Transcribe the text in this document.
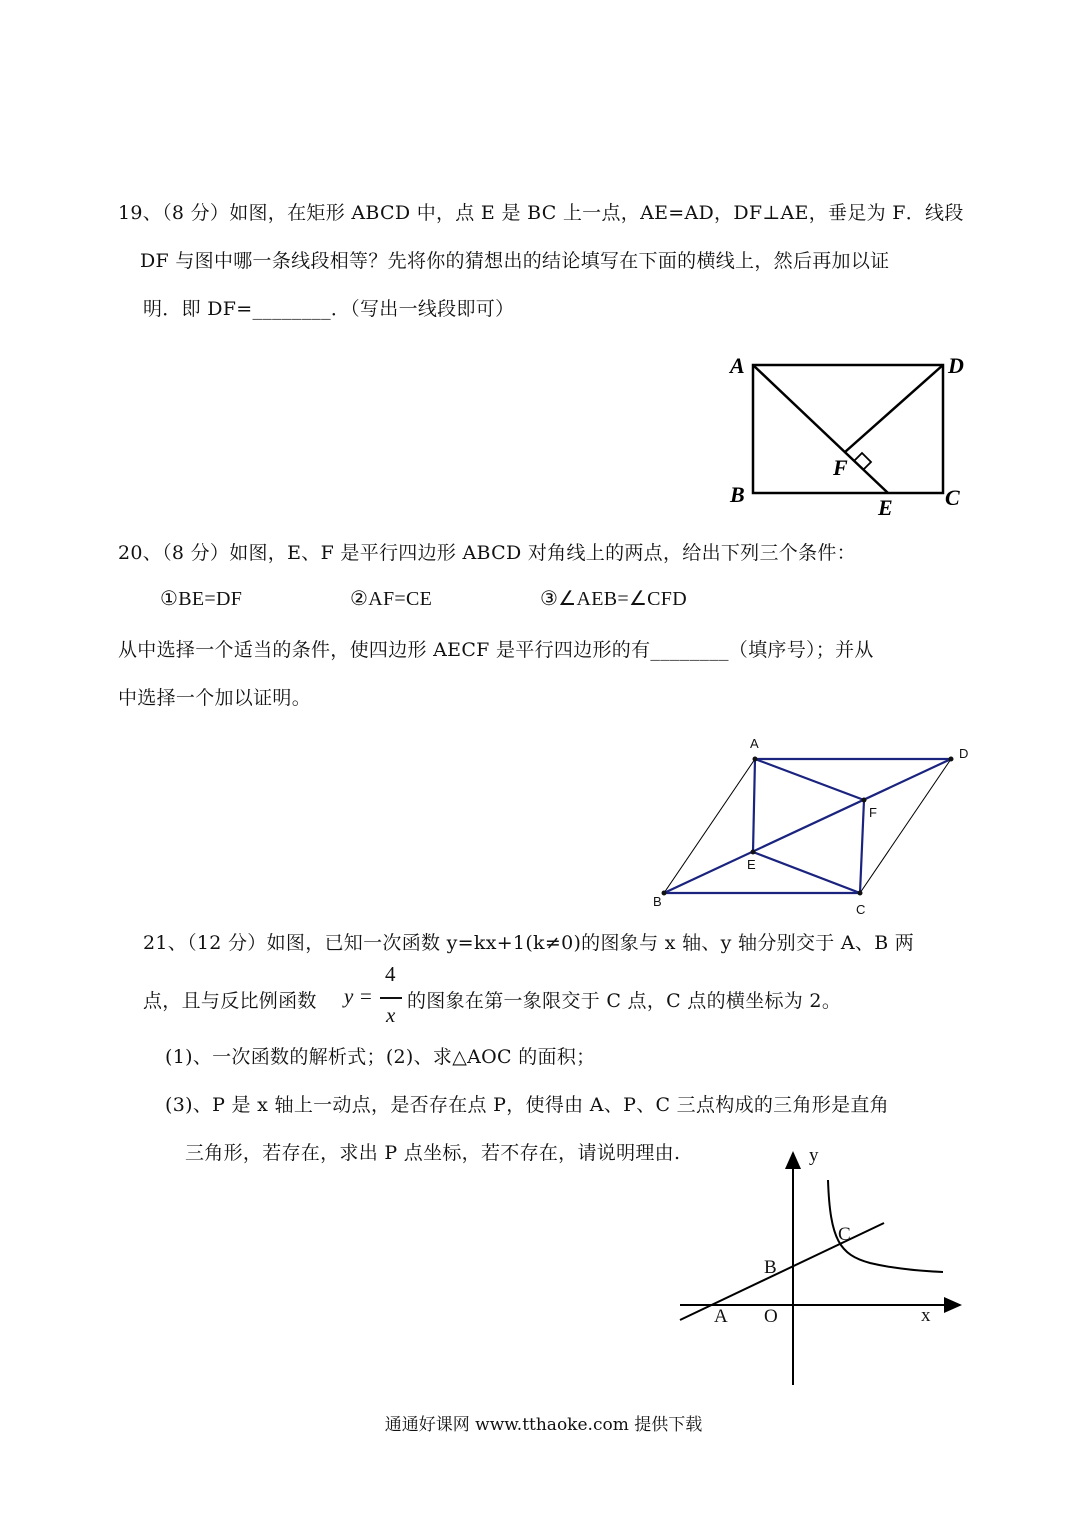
19、（8 分）如图，在矩形 ABCD 中，点 E 是 BC 上一点，AE=AD，DF⊥AE，垂足为 F．线段
DF 与图中哪一条线段相等？先将你的猜想出的结论填写在下面的横线上，然后再加以证
明．即 DF=________．（写出一线段即可）
A	D
B	C
F
E
20、（8 分）如图，E、F 是平行四边形 ABCD 对角线上的两点，给出下列三个条件：
①BE=DF	②AF=CE	③∠AEB=∠CFD
从中选择一个适当的条件，使四边形 AECF 是平行四边形的有________（填序号）；并从
中选择一个加以证明。
A
D
F
E
B
C
21、（12 分）如图，已知一次函数 y=kx+1(k≠0)的图象与 x 轴、y 轴分别交于 A、B 两
点，且与反比例函数 y =
4
x
的图象在第一象限交于 C 点，C 点的横坐标为 2。
(1)、一次函数的解析式；(2)、求△AOC 的面积；
(3)、P 是 x 轴上一动点，是否存在点 P，使得由 A、P、C 三点构成的三角形是直角
三角形，若存在，求出 P 点坐标，若不存在，请说明理由.	y
x
O
A
B
C
通通好课网 www.tthaoke.com 提供下载
